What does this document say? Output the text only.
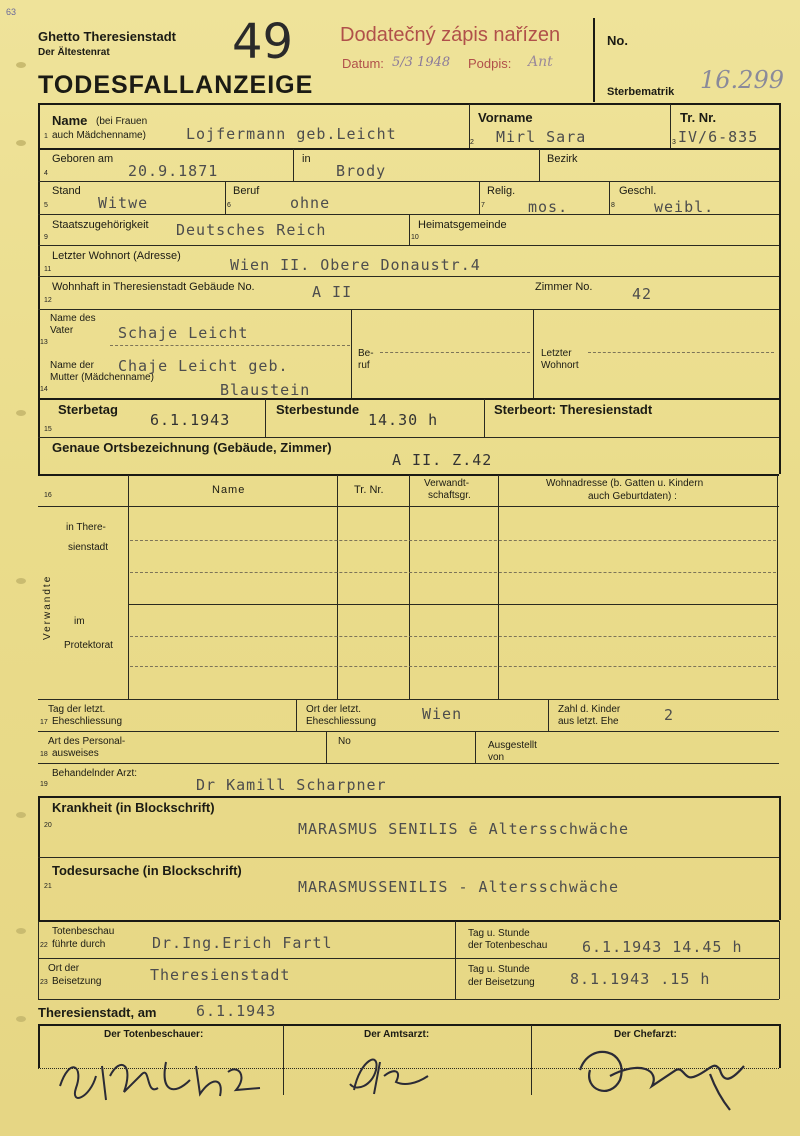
63
Ghetto Theresienstadt
Der Ältestenrat
TODESFALLANZEIGE
49 Dodatečný zápis nařízen
Datum: 5/3 1948 Podpis: Ant
No.
Sterbematrik 16.299
Name (bei Frauen
1 auch Mädchenname)	Lojfermann geb.Leicht
Vorname
2 Mirl Sara
Tr. Nr.
3 IV/6-835
Geboren am
4	20.9.1871
in
Brody
Bezirk
Stand
5	Witwe
Beruf
6	ohne
Relig.
7	mos.
Geschl.
8	weibl.
Staatszugehörigkeit
9	Deutsches Reich	Heimatsgemeinde
10
Letzter Wohnort (Adresse)
11	Wien II. Obere Donaustr.4
Wohnhaft in Theresienstadt Gebäude No.
12	A II	Zimmer No.	42
Name des
Vater
13
Schaje Leicht
Name der
Mutter (Mädchenname)
14
Chaje Leicht geb.
Blaustein
Be-
ruf
Letzter
Wohnort
Sterbetag
15
6.1.1943
Sterbestunde
14.30 h
Sterbeort: Theresienstadt
Genaue Ortsbezeichnung (Gebäude, Zimmer)
A II. Z.42
16	Name	Tr. Nr.
Verwandt-
schaftsgr.
Wohnadresse (b. Gatten u. Kindern
auch Geburtdaten) :
in There-
sienstadt
Verwandte im
Protektorat
Tag der letzt.
17 Eheschliessung
Ort der letzt.
Eheschliessung	Wien	Zahl d. Kinder
aus letzt. Ehe	2
Art des Personal-
18 ausweises
No	Ausgestellt
von
Behandelnder Arzt:
19	Dr Kamill Scharpner
Krankheit (in Blockschrift)
20	MARASMUS SENILIS ē Altersschwäche
Todesursache (in Blockschrift)
21	MARASMUSSENILIS - Altersschwäche
Totenbeschau
22 führte durch	Dr.Ing.Erich Fartl
Tag u. Stunde
der Totenbeschau 6.1.1943 14.45 h
Ort der
23 Beisetzung	Theresienstadt	Tag u. Stunde
der Beisetzung 8.1.1943 .15 h
Theresienstadt, am	6.1.1943
Der Totenbeschauer:	Der Amtsarzt:	Der Chefarzt:
